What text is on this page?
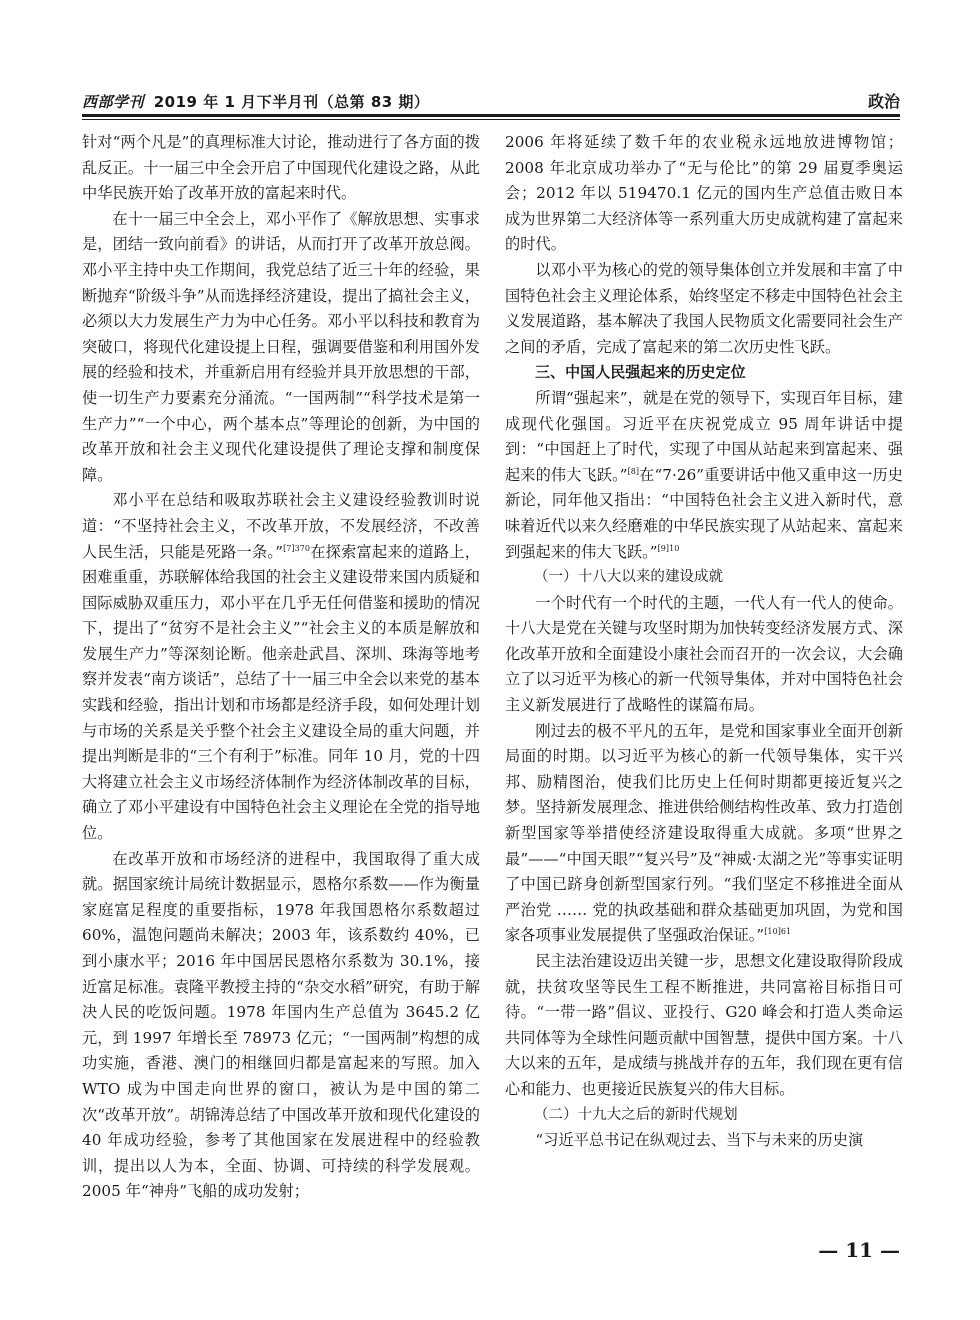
西部学刊 2019 年 1 月下半月刊（总第 83 期）	政治

针对“两个凡是”的真理标准大讨论，推动进行了各方面的拨乱反正。十一届三中全会开启了中国现代化建设之路，从此中华民族开始了改革开放的富起来时代。

在十一届三中全会上，邓小平作了《解放思想、实事求是，团结一致向前看》的讲话，从而打开了改革开放总阀。邓小平主持中央工作期间，我党总结了近三十年的经验，果断抛弃“阶级斗争”从而选择经济建设，提出了搞社会主义，必须以大力发展生产力为中心任务。邓小平以科技和教育为突破口，将现代化建设提上日程，强调要借鉴和利用国外发展的经验和技术，并重新启用有经验并具开放思想的干部，使一切生产力要素充分涌流。“一国两制”“科学技术是第一生产力”“一个中心，两个基本点”等理论的创新，为中国的改革开放和社会主义现代化建设提供了理论支撑和制度保障。

邓小平在总结和吸取苏联社会主义建设经验教训时说道：“不坚持社会主义，不改革开放，不发展经济，不改善人民生活，只能是死路一条。”$^{[7]370}$在探索富起来的道路上，困难重重，苏联解体给我国的社会主义建设带来国内质疑和国际威胁双重压力，邓小平在几乎无任何借鉴和援助的情况下，提出了“贫穷不是社会主义”“社会主义的本质是解放和发展生产力”等深刻论断。他亲赴武昌、深圳、珠海等地考察并发表“南方谈话”，总结了十一届三中全会以来党的基本实践和经验，指出计划和市场都是经济手段，如何处理计划与市场的关系是关乎整个社会主义建设全局的重大问题，并提出判断是非的“三个有利于”标准。同年 10 月，党的十四大将建立社会主义市场经济体制作为经济体制改革的目标，确立了邓小平建设有中国特色社会主义理论在全党的指导地位。

在改革开放和市场经济的进程中，我国取得了重大成就。据国家统计局统计数据显示，恩格尔系数——作为衡量家庭富足程度的重要指标，1978 年我国恩格尔系数超过 60%，温饱问题尚未解决；2003 年，该系数约 40%，已到小康水平；2016 年中国居民恩格尔系数为 30.1%，接近富足标准。袁隆平教授主持的“杂交水稻”研究，有助于解决人民的吃饭问题。1978 年国内生产总值为 3645.2 亿元，到 1997 年增长至 78973 亿元；“一国两制”构想的成功实施，香港、澳门的相继回归都是富起来的写照。加入 WTO 成为中国走向世界的窗口，被认为是中国的第二次“改革开放”。胡锦涛总结了中国改革开放和现代化建设的 40 年成功经验，参考了其他国家在发展进程中的经验教训，提出以人为本，全面、协调、可持续的科学发展观。2005 年“神舟”飞船的成功发射；

2006 年将延续了数千年的农业税永远地放进博物馆；2008 年北京成功举办了“无与伦比”的第 29 届夏季奥运会；2012 年以 519470.1 亿元的国内生产总值击败日本成为世界第二大经济体等一系列重大历史成就构建了富起来的时代。

以邓小平为核心的党的领导集体创立并发展和丰富了中国特色社会主义理论体系，始终坚定不移走中国特色社会主义发展道路，基本解决了我国人民物质文化需要同社会生产之间的矛盾，完成了富起来的第二次历史性飞跃。

三、中国人民强起来的历史定位

所谓“强起来”，就是在党的领导下，实现百年目标，建成现代化强国。习近平在庆祝党成立 95 周年讲话中提到：“中国赶上了时代，实现了中国从站起来到富起来、强起来的伟大飞跃。”[8]在“7·26”重要讲话中他又重申这一历史新论，同年他又指出：“中国特色社会主义进入新时代，意味着近代以来久经磨难的中华民族实现了从站起来、富起来到强起来的伟大飞跃。”$^{[9]10}$

（一）十八大以来的建设成就

一个时代有一个时代的主题，一代人有一代人的使命。十八大是党在关键与攻坚时期为加快转变经济发展方式、深化改革开放和全面建设小康社会而召开的一次会议，大会确立了以习近平为核心的新一代领导集体，并对中国特色社会主义新发展进行了战略性的谋篇布局。

刚过去的极不平凡的五年，是党和国家事业全面开创新局面的时期。以习近平为核心的新一代领导集体，实干兴邦、励精图治，使我们比历史上任何时期都更接近复兴之梦。坚持新发展理念、推进供给侧结构性改革、致力打造创新型国家等举措使经济建设取得重大成就。多项“世界之最”——“中国天眼”“复兴号”及“神威·太湖之光”等事实证明了中国已跻身创新型国家行列。“我们坚定不移推进全面从严治党 …… 党的执政基础和群众基础更加巩固，为党和国家各项事业发展提供了坚强政治保证。”$^{[10]61}$

民主法治建设迈出关键一步，思想文化建设取得阶段成就，扶贫攻坚等民生工程不断推进，共同富裕目标指日可待。“一带一路”倡议、亚投行、G20 峰会和打造人类命运共同体等为全球性问题贡献中国智慧，提供中国方案。十八大以来的五年，是成绩与挑战并存的五年，我们现在更有信心和能力、也更接近民族复兴的伟大目标。

（二）十九大之后的新时代规划

“习近平总书记在纵观过去、当下与未来的历史演

— 11 —
